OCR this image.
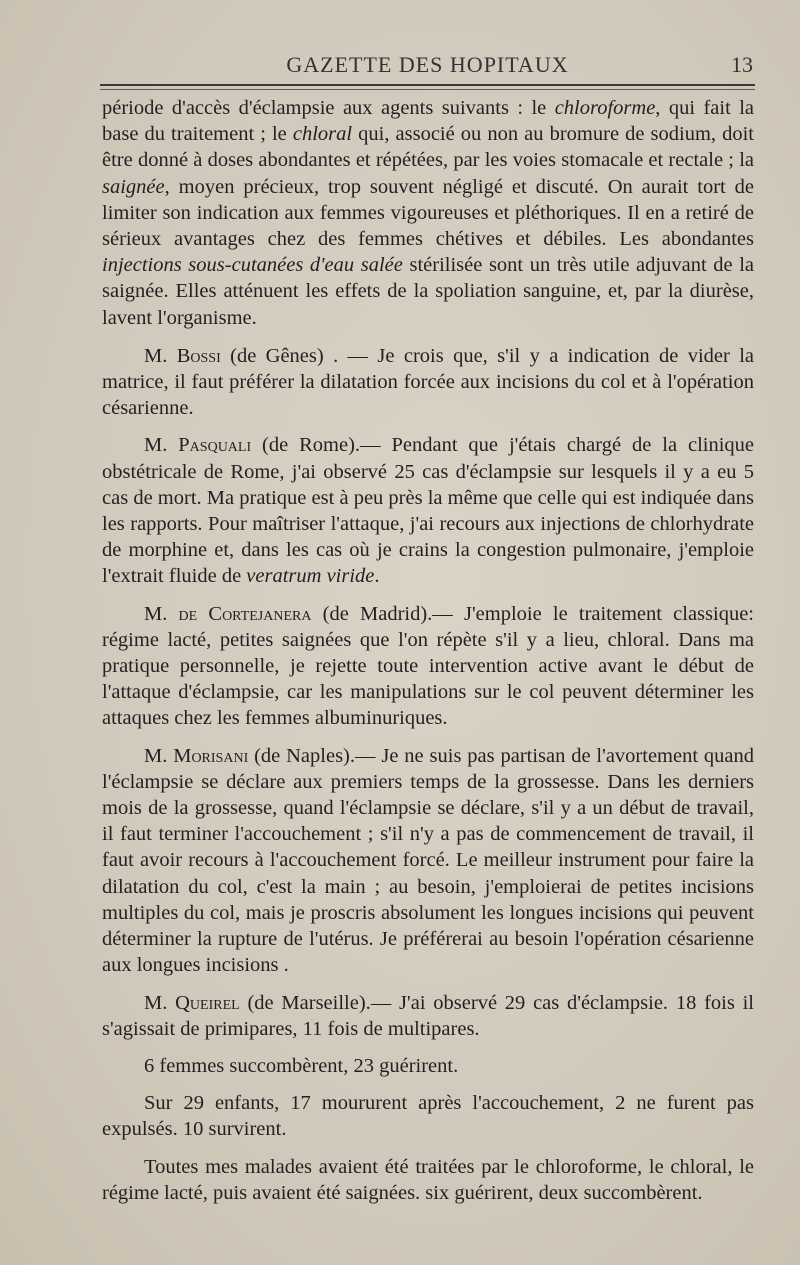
GAZETTE DES HOPITAUX	13

période d'accès d'éclampsie aux agents suivants : le chloroforme, qui fait la base du traitement ; le chloral qui, associé ou non au bromure de sodium, doit être donné à doses abondantes et répétées, par les voies stomacale et rectale ; la saignée, moyen précieux, trop souvent négligé et discuté. On aurait tort de limiter son indication aux femmes vigoureuses et pléthoriques. Il en a retiré de sérieux avantages chez des femmes chétives et débiles. Les abondantes injections sous-cutanées d'eau salée stérilisée sont un très utile adjuvant de la saignée. Elles atténuent les effets de la spoliation sanguine, et, par la diurèse, lavent l'organisme.

M. Bossi (de Gênes) . — Je crois que, s'il y a indication de vider la matrice, il faut préférer la dilatation forcée aux incisions du col et à l'opération césarienne.

M. Pasquali (de Rome).— Pendant que j'étais chargé de la clinique obstétricale de Rome, j'ai observé 25 cas d'éclampsie sur lesquels il y a eu 5 cas de mort. Ma pratique est à peu près la même que celle qui est indiquée dans les rapports. Pour maîtriser l'attaque, j'ai recours aux injections de chlorhydrate de morphine et, dans les cas où je crains la congestion pulmonaire, j'emploie l'extrait fluide de veratrum viride.

M. de Cortejanera (de Madrid).— J'emploie le traitement classique: régime lacté, petites saignées que l'on répète s'il y a lieu, chloral. Dans ma pratique personnelle, je rejette toute intervention active avant le début de l'attaque d'éclampsie, car les manipulations sur le col peuvent déterminer les attaques chez les femmes albuminuriques.

M. Morisani (de Naples).— Je ne suis pas partisan de l'avortement quand l'éclampsie se déclare aux premiers temps de la grossesse. Dans les derniers mois de la grossesse, quand l'éclampsie se déclare, s'il y a un début de travail, il faut terminer l'accouchement ; s'il n'y a pas de commencement de travail, il faut avoir recours à l'accouchement forcé. Le meilleur instrument pour faire la dilatation du col, c'est la main ; au besoin, j'emploierai de petites incisions multiples du col, mais je proscris absolument les longues incisions qui peuvent déterminer la rupture de l'utérus. Je préférerai au besoin l'opération césarienne aux longues incisions .

M. Queirel (de Marseille).— J'ai observé 29 cas d'éclampsie. 18 fois il s'agissait de primipares, 11 fois de multipares.

6 femmes succombèrent, 23 guérirent.

Sur 29 enfants, 17 moururent après l'accouchement, 2 ne furent pas expulsés. 10 survirent.

Toutes mes malades avaient été traitées par le chloroforme, le chloral, le régime lacté, puis avaient été saignées. six guérirent, deux succombèrent.
